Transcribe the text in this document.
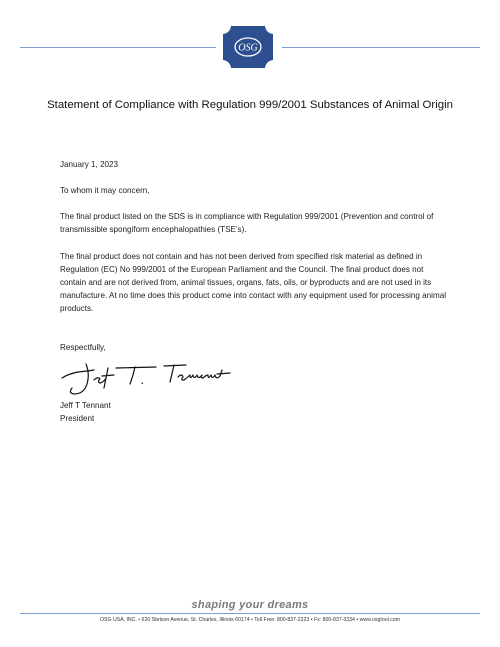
OSG
Statement of Compliance with Regulation 999/2001 Substances of Animal Origin
January 1, 2023
To whom it may concern,
The final product listed on the SDS is in compliance with Regulation 999/2001 (Prevention and control of transmissible spongiform encephalopathies (TSE’s).
The final product does not contain and has not been derived from specified risk material as defined in Regulation (EC) No 999/2001 of the European Parliament and the Council. The final product does not contain and are not derived from, animal tissues, organs, fats, oils, or byproducts and are not used in its manufacture. At no time does this product come into contact with any equipment used for processing animal products.
Respectfully,
Jeff T Tennant
President
shaping your dreams
OSG USA, INC. • 620 Stetson Avenue, St. Charles, Illinois 60174 • Toll Free: 800-837-2223 • Fx: 800-837-3334 • www.osgtool.com
